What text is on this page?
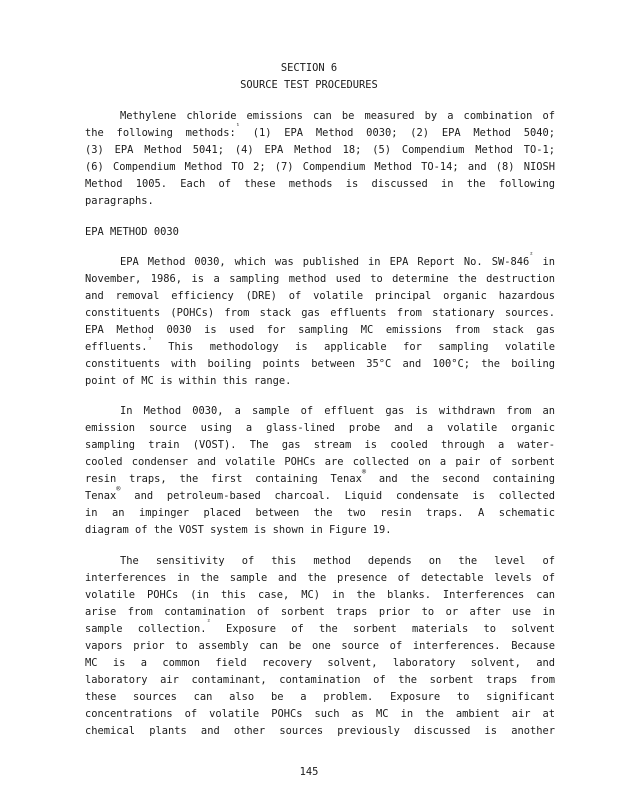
SECTION 6
SOURCE TEST PROCEDURES
Methylene chloride emissions can be measured by a combination of
the following methods:$^{^1}$ (1) EPA Method 0030; (2) EPA Method 5040;
(3) EPA Method 5041; (4) EPA Method 18; (5) Compendium Method TO-1;
(6) Compendium Method TO 2; (7) Compendium Method TO-14; and (8) NIOSH
Method 1005. Each of these methods is discussed in the following
paragraphs.
EPA METHOD 0030
EPA Method 0030, which was published in EPA Report No. $SW-846^{^2}$ in
November, 1986, is a sampling method used to determine the destruction
and removal efficiency (DRE) of volatile principal organic hazardous
constituents (POHCs) from stack gas effluents from stationary sources.
EPA Method 0030 is used for sampling MC emissions from stack gas
effluents.$^{^3}$ This methodology is applicable for sampling volatile
constituents with boiling points between 35°C and 100°C; the boiling
point of MC is within this range.
In Method 0030, a sample of effluent gas is withdrawn from an
emission source using a glass-lined probe and a volatile organic
sampling train (VOST). The gas stream is cooled through a water-
cooled condenser and volatile POHCs are collected on a pair of sorbent
resin traps, the first containing Tenax® and the second containing
Tenax® and petroleum-based charcoal. Liquid condensate is collected
in an impinger placed between the two resin traps. A schematic
diagram of the VOST system is shown in Figure 19.
The sensitivity of this method depends on the level of
interferences in the sample and the presence of detectable levels of
volatile POHCs (in this case, MC) in the blanks. Interferences can
arise from contamination of sorbent traps prior to or after use in
sample collection.$^{^2}$ Exposure of the sorbent materials to solvent
vapors prior to assembly can be one source of interferences. Because
MC is a common field recovery solvent, laboratory solvent, and
laboratory air contaminant, contamination of the sorbent traps from
these sources can also be a problem. Exposure to significant
concentrations of volatile POHCs such as MC in the ambient air at
chemical plants and other sources previously discussed is another
145
